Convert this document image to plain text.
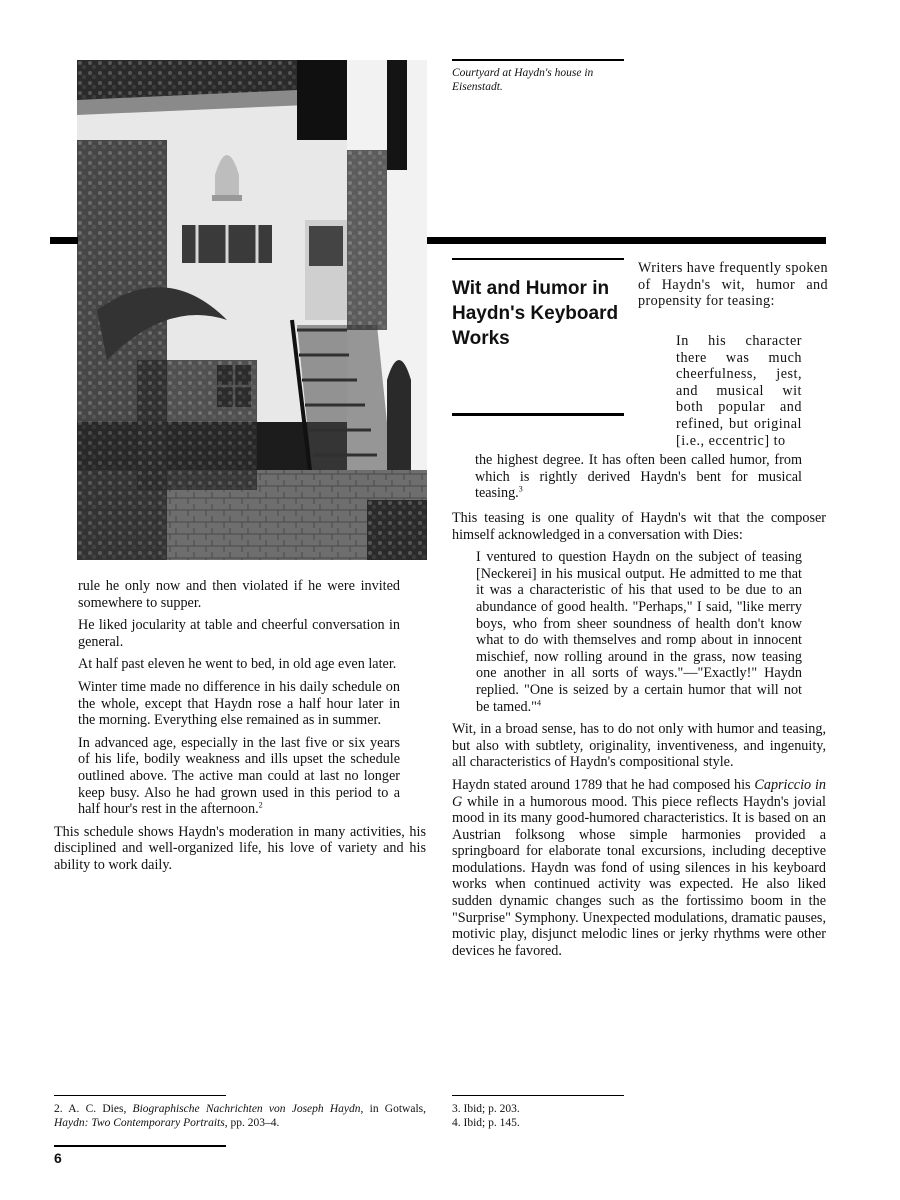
Courtyard at Haydn's house in Eisenstadt.
Wit and Humor in Haydn's Keyboard Works

Writers have frequently spoken of Haydn's wit, humor and propensity for teasing:

In his character there was much cheerfulness, jest, and musical wit both popular and refined, but original [i.e., eccentric] to

the highest degree. It has often been called humor, from which is rightly derived Haydn's bent for musical teasing.$^3$

This teasing is one quality of Haydn's wit that the composer himself acknowledged in a conversation with Dies:

I ventured to question Haydn on the subject of teasing [Neckerei] in his musical output. He admitted to me that it was a characteristic of his that used to be due to an abundance of good health. "Perhaps," I said, "like merry boys, who from sheer soundness of health don't know what to do with themselves and romp about in innocent mischief, now rolling around in the grass, now teasing one another in all sorts of ways."—"Exactly!" Haydn replied. "One is seized by a certain humor that will not be tamed."$^4$

Wit, in a broad sense, has to do not only with humor and teasing, but also with subtlety, originality, inventiveness, and ingenuity, all characteristics of Haydn's compositional style.

Haydn stated around 1789 that he had composed his Capriccio in G while in a humorous mood. This piece reflects Haydn's jovial mood in its many good-humored characteristics. It is based on an Austrian folksong whose simple harmonies provided a springboard for elaborate tonal excursions, including deceptive modulations. Haydn was fond of using silences in his keyboard works when continued activity was expected. He also liked sudden dynamic changes such as the fortissimo boom in the "Surprise" Symphony. Unexpected modulations, dramatic pauses, motivic play, disjunct melodic lines or jerky rhythms were other devices he favored.

rule he only now and then violated if he were invited somewhere to supper.

He liked jocularity at table and cheerful conversation in general.

At half past eleven he went to bed, in old age even later.

Winter time made no difference in his daily schedule on the whole, except that Haydn rose a half hour later in the morning. Everything else remained as in summer.

In advanced age, especially in the last five or six years of his life, bodily weakness and ills upset the schedule outlined above. The active man could at last no longer keep busy. Also he had grown used in this period to a half hour's rest in the afternoon.$^2$

This schedule shows Haydn's moderation in many activities, his disciplined and well-organized life, his love of variety and his ability to work daily.

2. A. C. Dies, Biographische Nachrichten von Joseph Haydn, in Gotwals, Haydn: Two Contemporary Portraits, pp. 203–4.
3. Ibid; p. 203.
4. Ibid; p. 145.
6
